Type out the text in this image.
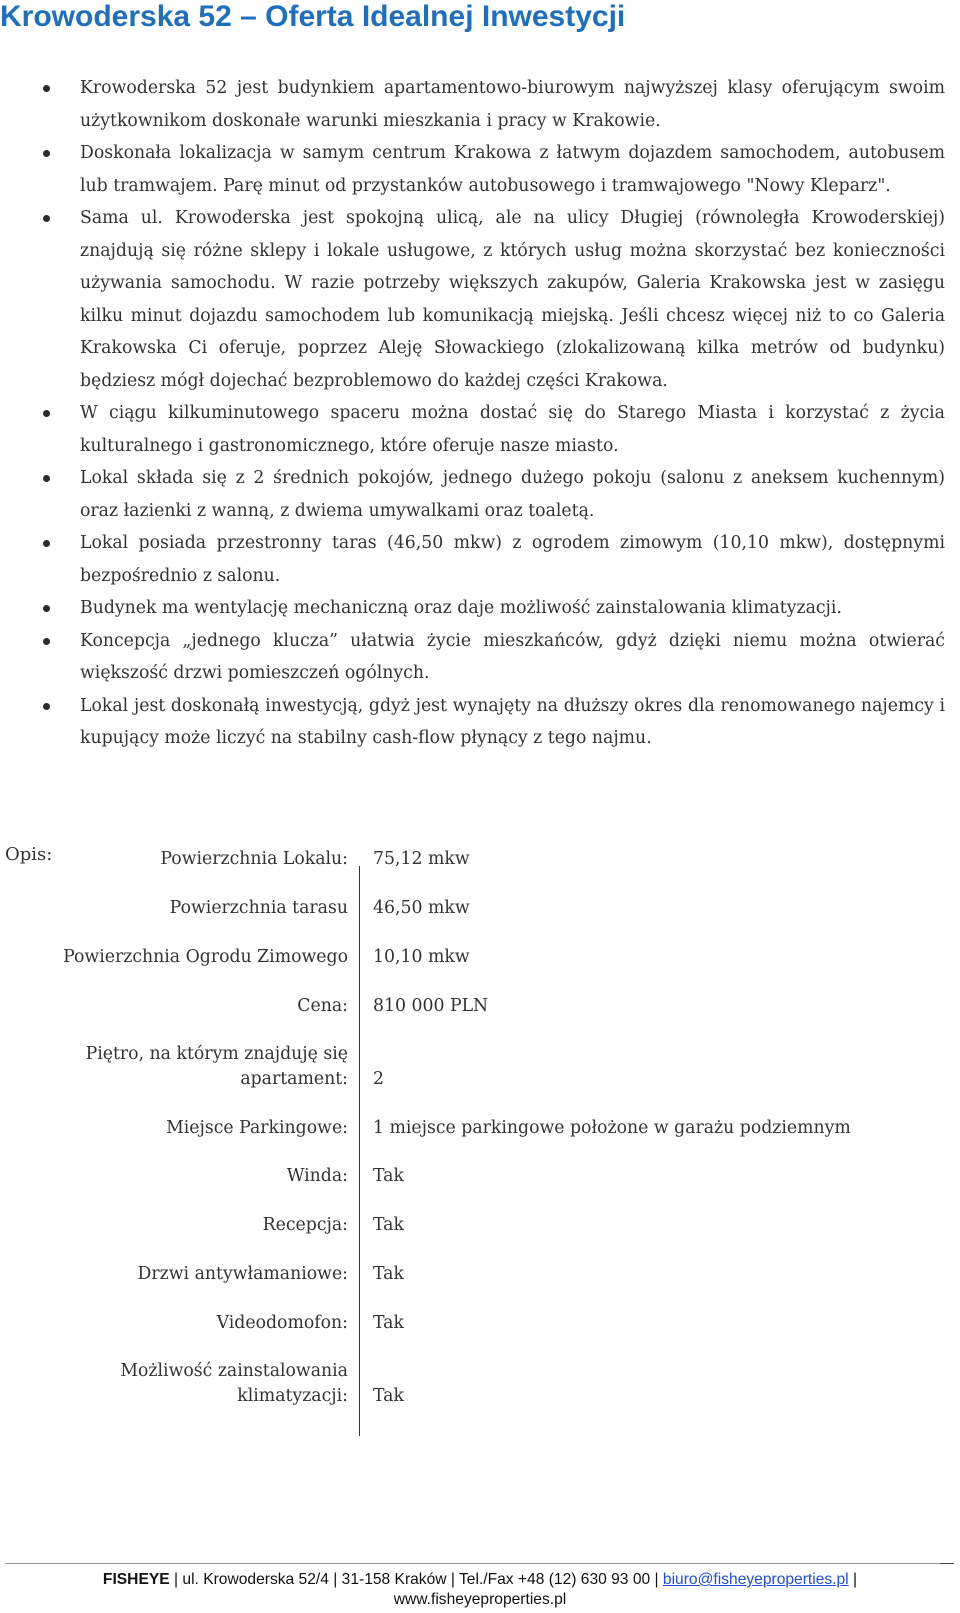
Krowoderska 52 – Oferta Idealnej Inwestycji
Krowoderska 52 jest budynkiem apartamentowo-biurowym najwyższej klasy oferującym swoim użytkownikom doskonałe warunki mieszkania i pracy w Krakowie.
Doskonała lokalizacja w samym centrum Krakowa z łatwym dojazdem samochodem, autobusem lub tramwajem. Parę minut od przystanków autobusowego i tramwajowego "Nowy Kleparz".
Sama ul. Krowoderska jest spokojną ulicą, ale na ulicy Długiej (równoległa Krowoderskiej) znajdują się różne sklepy i lokale usługowe, z których usług można skorzystać bez konieczności używania samochodu. W razie potrzeby większych zakupów, Galeria Krakowska jest w zasięgu kilku minut dojazdu samochodem lub komunikacją miejską. Jeśli chcesz więcej niż to co Galeria Krakowska Ci oferuje, poprzez Aleję Słowackiego (zlokalizowaną kilka metrów od budynku) będziesz mógł dojechać bezproblemowo do każdej części Krakowa.
W ciągu kilkuminutowego spaceru można dostać się do Starego Miasta i korzystać z życia kulturalnego i gastronomicznego, które oferuje nasze miasto.
Lokal składa się z 2 średnich pokojów, jednego dużego pokoju (salonu z aneksem kuchennym) oraz łazienki z wanną, z dwiema umywalkami oraz toaletą.
Lokal posiada przestronny taras (46,50 mkw) z ogrodem zimowym (10,10 mkw), dostępnymi bezpośrednio z salonu.
Budynek ma wentylację mechaniczną oraz daje możliwość zainstalowania klimatyzacji.
Koncepcja „jednego klucza” ułatwia życie mieszkańców, gdyż dzięki niemu można otwierać większość drzwi pomieszczeń ogólnych.
Lokal jest doskonałą inwestycją, gdyż jest wynajęty na dłuższy okres dla renomowanego najemcy i kupujący może liczyć na stabilny cash-flow płynący z tego najmu.
Opis:	Powierzchnia Lokalu: 75,12 mkw
Powierzchnia tarasu 46,50 mkw
Powierzchnia Ogrodu Zimowego 10,10 mkw
Cena: 810 000 PLN
Piętro, na którym znajduję się apartament: 2
Miejsce Parkingowe: 1 miejsce parkingowe położone w garażu podziemnym
Winda: Tak
Recepcja: Tak
Drzwi antywłamaniowe: Tak
Videodomofon: Tak
Możliwość zainstalowania klimatyzacji: Tak
FISHEYE | ul. Krowoderska 52/4 | 31-158 Kraków | Tel./Fax +48 (12) 630 93 00 | biuro@fisheyeproperties.pl |
www.fisheyeproperties.pl
